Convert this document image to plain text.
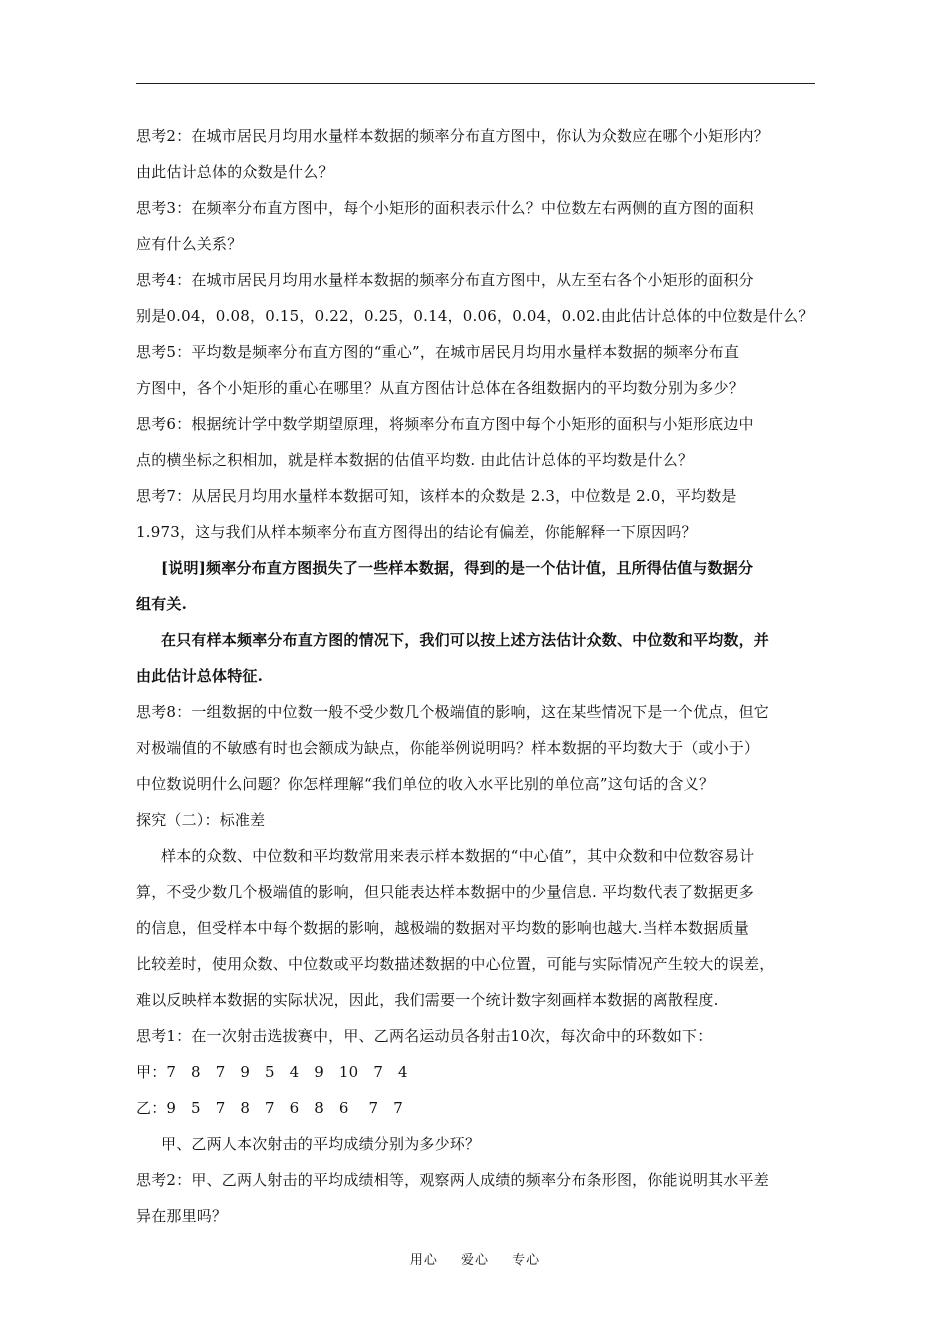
思考2：在城市居民月均用水量样本数据的频率分布直方图中，你认为众数应在哪个小矩形内？

由此估计总体的众数是什么？

思考3：在频率分布直方图中，每个小矩形的面积表示什么？中位数左右两侧的直方图的面积

应有什么关系？

思考4：在城市居民月均用水量样本数据的频率分布直方图中，从左至右各个小矩形的面积分

别是0.04，0.08，0.15，0.22，0.25，0.14，0.06，0.04，0.02.由此估计总体的中位数是什么？

思考5：平均数是频率分布直方图的“重心”，在城市居民月均用水量样本数据的频率分布直

方图中，各个小矩形的重心在哪里？从直方图估计总体在各组数据内的平均数分别为多少？

思考6：根据统计学中数学期望原理，将频率分布直方图中每个小矩形的面积与小矩形底边中

点的横坐标之积相加，就是样本数据的估值平均数. 由此估计总体的平均数是什么？

思考7：从居民月均用水量样本数据可知，该样本的众数是 2.3，中位数是 2.0，平均数是

1.973，这与我们从样本频率分布直方图得出的结论有偏差，你能解释一下原因吗？

[说明]频率分布直方图损失了一些样本数据，得到的是一个估计值，且所得估值与数据分

组有关.

在只有样本频率分布直方图的情况下，我们可以按上述方法估计众数、中位数和平均数，并

由此估计总体特征.

思考8：一组数据的中位数一般不受少数几个极端值的影响，这在某些情况下是一个优点，但它

对极端值的不敏感有时也会额成为缺点，你能举例说明吗？样本数据的平均数大于（或小于）

中位数说明什么问题？你怎样理解“我们单位的收入水平比别的单位高”这句话的含义？

探究（二）：标准差

样本的众数、中位数和平均数常用来表示样本数据的“中心值”，其中众数和中位数容易计

算，不受少数几个极端值的影响，但只能表达样本数据中的少量信息. 平均数代表了数据更多

的信息，但受样本中每个数据的影响，越极端的数据对平均数的影响也越大.当样本数据质量

比较差时，使用众数、中位数或平均数描述数据的中心位置，可能与实际情况产生较大的误差，

难以反映样本数据的实际状况，因此，我们需要一个统计数字刻画样本数据的离散程度.

思考1：在一次射击选拔赛中，甲、乙两名运动员各射击10次，每次命中的环数如下：

甲：7   8   7   9   5   4   9   10   7   4

乙：9   5   7   8   7   6   8   6    7   7

甲、乙两人本次射击的平均成绩分别为多少环？

思考2：甲、乙两人射击的平均成绩相等，观察两人成绩的频率分布条形图，你能说明其水平差

异在那里吗？

用心 爱心 专心
